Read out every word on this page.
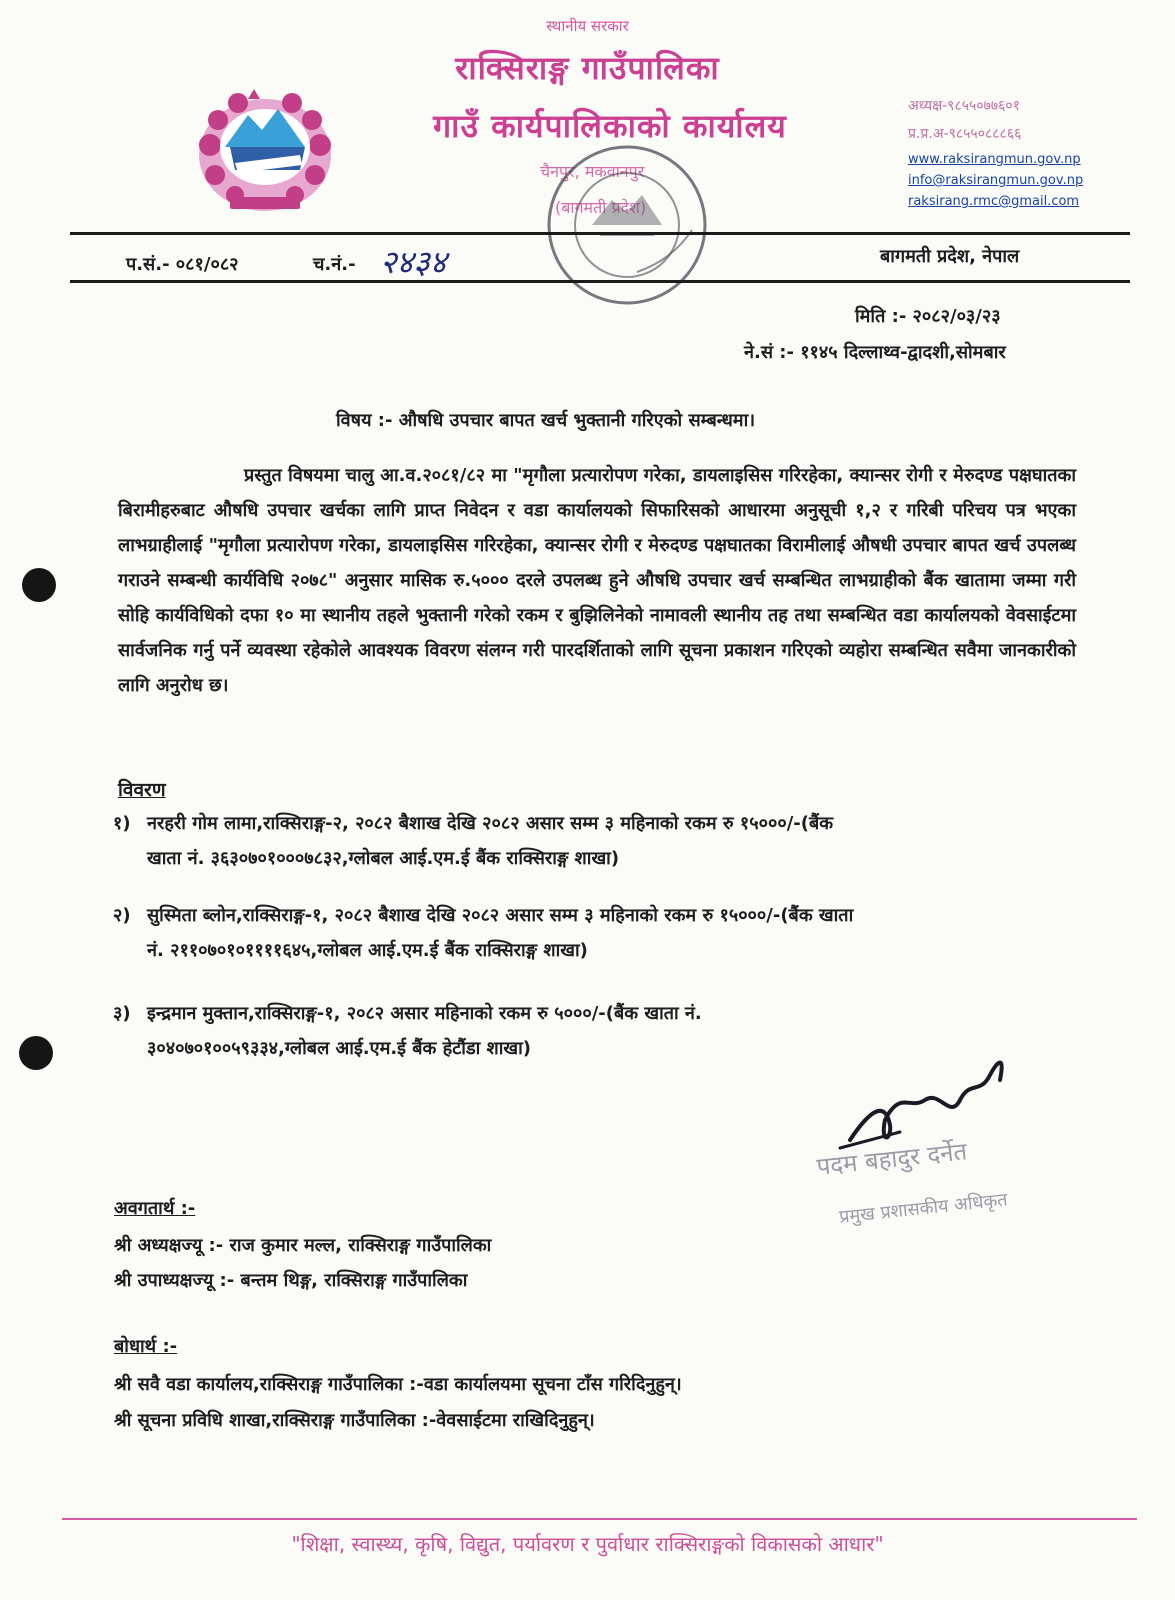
स्थानीय सरकार
राक्सिराङ्ग गाउँपालिका
गाउँ कार्यपालिकाको कार्यालय
चैनपुर, मकवानपुर
(बागमती प्रदेश)
अध्यक्ष-९८५५०७७६०१
प्र.प्र.अ-९८५५०८८८६६
www.raksirangmun.gov.np
info@raksirangmun.gov.np
raksirang.rmc@gmail.com
प.सं.- ०८१/०८२	च.नं.- २४३४	बागमती प्रदेश, नेपाल
मिति :- २०८२/०३/२३
ने.सं :- ११४५ दिल्लाथ्व-द्वादशी,सोमबार
विषय :- औषधि उपचार बापत खर्च भुक्तानी गरिएको सम्बन्धमा।
प्रस्तुत विषयमा चालु आ.व.२०८१/८२ मा "मृगौला प्रत्यारोपण गरेका, डायलाइसिस गरिरहेका, क्यान्सर रोगी र मेरुदण्ड पक्षघातका बिरामीहरुबाट औषधि उपचार खर्चका लागि प्राप्त निवेदन र वडा कार्यालयको सिफारिसको आधारमा अनुसूची १,२ र गरिबी परिचय पत्र भएका लाभग्राहीलाई "मृगौला प्रत्यारोपण गरेका, डायलाइसिस गरिरहेका, क्यान्सर रोगी र मेरुदण्ड पक्षघातका विरामीलाई औषधी उपचार बापत खर्च उपलब्ध गराउने सम्बन्धी कार्यविधि २०७८" अनुसार मासिक रु.५००० दरले उपलब्ध हुने औषधि उपचार खर्च सम्बन्धित लाभग्राहीको बैंक खातामा जम्मा गरी सोहि कार्यविधिको दफा १० मा स्थानीय तहले भुक्तानी गरेको रकम र बुझिलिनेको नामावली स्थानीय तह तथा सम्बन्धित वडा कार्यालयको वेवसाईटमा सार्वजनिक गर्नु पर्ने व्यवस्था रहेकोले आवश्यक विवरण संलग्न गरी पारदर्शिताको लागि सूचना प्रकाशन गरिएको व्यहोरा सम्बन्धित सवैमा जानकारीको लागि अनुरोध छ।
विवरण
१) नरहरी गोम लामा,राक्सिराङ्ग-२, २०८२ बैशाख देखि २०८२ असार सम्म ३ महिनाको रकम रु १५०००/-(बैंक
खाता नं. ३६३०७०१०००७८३२,ग्लोबल आई.एम.ई बैंक राक्सिराङ्ग शाखा)
२) सुस्मिता ब्लोन,राक्सिराङ्ग-१, २०८२ बैशाख देखि २०८२ असार सम्म ३ महिनाको रकम रु १५०००/-(बैंक खाता
नं. २११०७०१०११११६४५,ग्लोबल आई.एम.ई बैंक राक्सिराङ्ग शाखा)
३) इन्द्रमान मुक्तान,राक्सिराङ्ग-१, २०८२ असार महिनाको रकम रु ५०००/-(बैंक खाता नं.
३०४०७०१००५९३३४,ग्लोबल आई.एम.ई बैंक हेटौंडा शाखा)
पदम बहादुर दर्नेत
प्रमुख प्रशासकीय अधिकृत
अवगतार्थ :-
श्री अध्यक्षज्यू :- राज कुमार मल्ल, राक्सिराङ्ग गाउँपालिका
श्री उपाध्यक्षज्यू :- बन्तम थिङ्ग, राक्सिराङ्ग गाउँपालिका
बोधार्थ :-
श्री सवै वडा कार्यालय,राक्सिराङ्ग गाउँपालिका :-वडा कार्यालयमा सूचना टाँस गरिदिनुहुन्।
श्री सूचना प्रविधि शाखा,राक्सिराङ्ग गाउँपालिका :-वेवसाईटमा राखिदिनुहुन्।
"शिक्षा, स्वास्थ्य, कृषि, विद्युत, पर्यावरण र पुर्वाधार राक्सिराङ्गको विकासको आधार"
